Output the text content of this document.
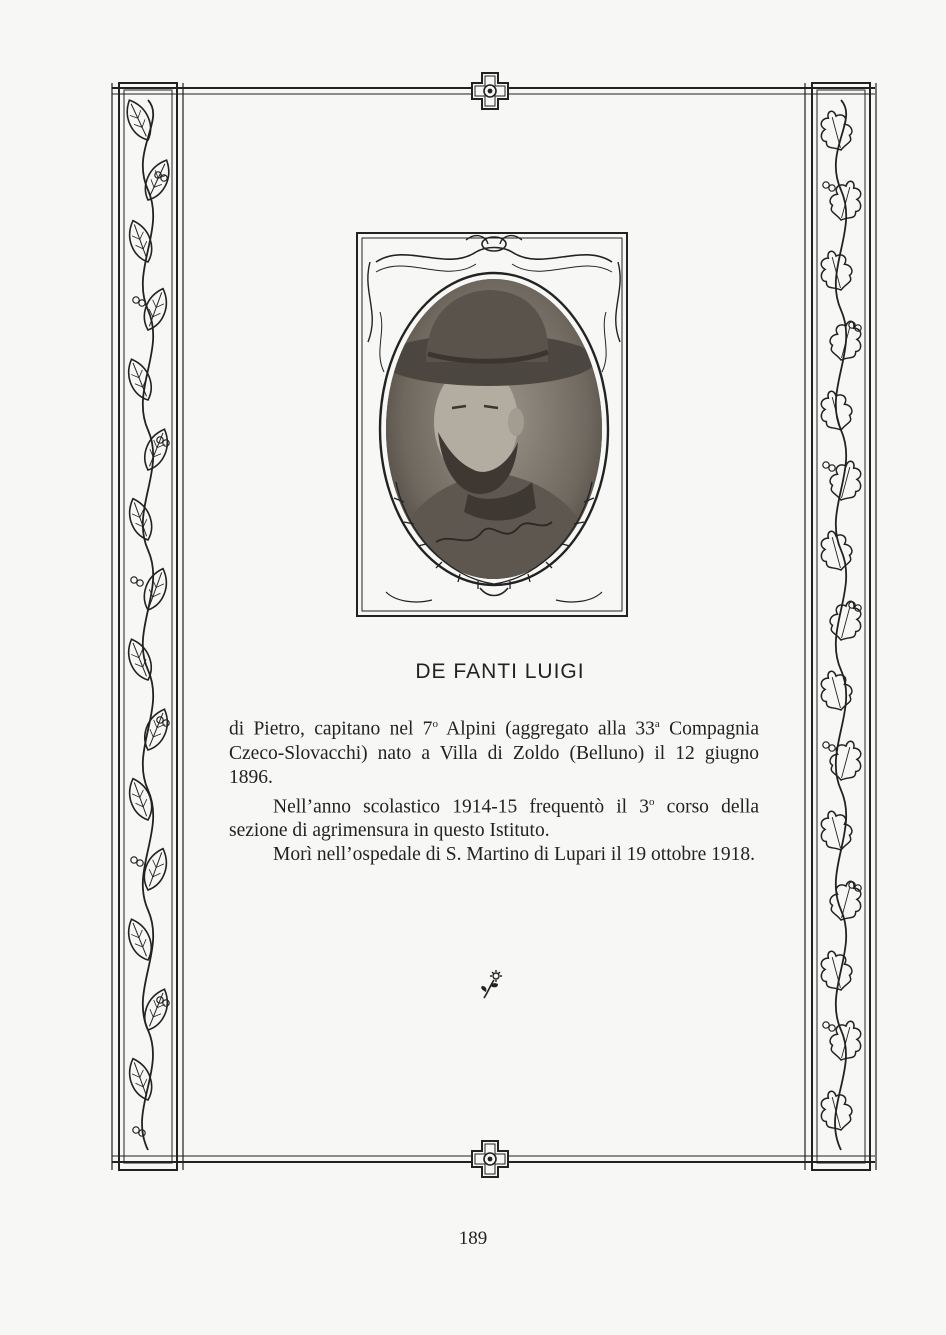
DE FANTI LUIGI

di Pietro, capitano nel 7$^o$ Alpini (aggregato alla 33$^a$ Compagnia Czeco-Slovacchi) nato a Villa di Zoldo (Belluno) il 12 giugno 1896.

Nell’anno scolastico 1914-15 frequentò il 3$^o$ corso della sezione di agrimensura in questo Istituto.

Morì nell’ospedale di S. Martino di Lupari il 19 ottobre 1918.

189
